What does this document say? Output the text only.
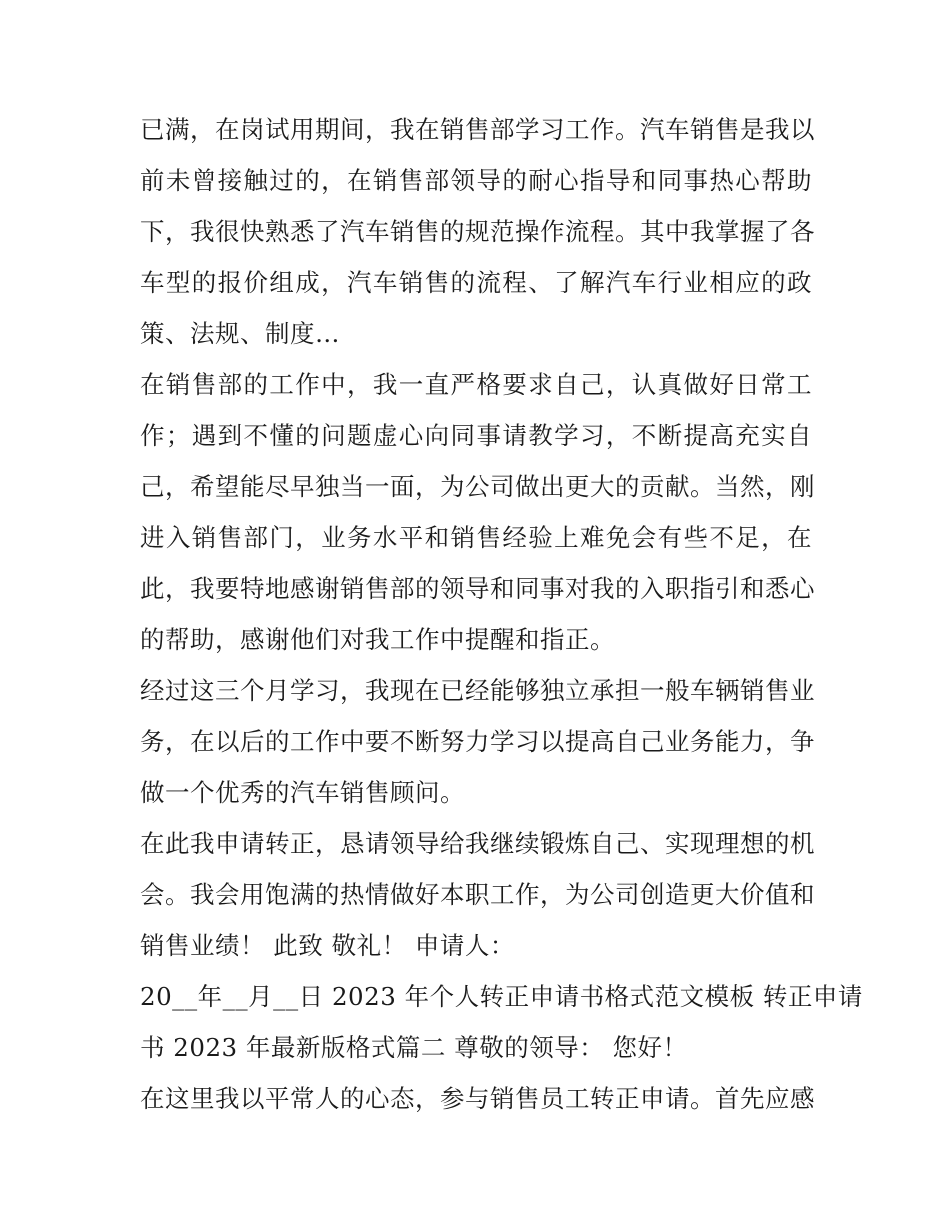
已满，在岗试用期间，我在销售部学习工作。汽车销售是我以
前未曾接触过的，在销售部领导的耐心指导和同事热心帮助
下，我很快熟悉了汽车销售的规范操作流程。其中我掌握了各
车型的报价组成，汽车销售的流程、了解汽车行业相应的政
策、法规、制度…
在销售部的工作中，我一直严格要求自己，认真做好日常工
作；遇到不懂的问题虚心向同事请教学习，不断提高充实自
己，希望能尽早独当一面，为公司做出更大的贡献。当然，刚
进入销售部门，业务水平和销售经验上难免会有些不足，在
此，我要特地感谢销售部的领导和同事对我的入职指引和悉心
的帮助，感谢他们对我工作中提醒和指正。
经过这三个月学习，我现在已经能够独立承担一般车辆销售业
务，在以后的工作中要不断努力学习以提高自己业务能力，争
做一个优秀的汽车销售顾问。
在此我申请转正，恳请领导给我继续锻炼自己、实现理想的机
会。我会用饱满的热情做好本职工作，为公司创造更大价值和
销售业绩！ 此致 敬礼！ 申请人：
20__年__月__日 2023 年个人转正申请书格式范文模板 转正申请
书 2023 年最新版格式篇二 尊敬的领导： 您好！
在这里我以平常人的心态，参与销售员工转正申请。首先应感
